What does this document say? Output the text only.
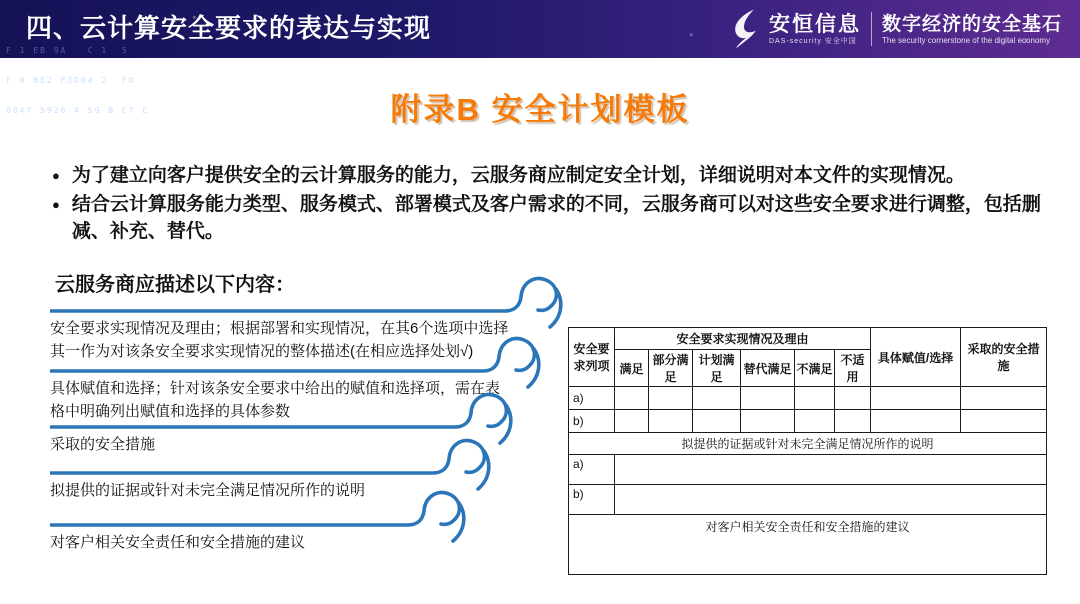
F 1 EB 9A   C 1  5

F 0 BE2 F3D04 2  FD

6047 5926 4 59 B C7 E

四、云计算安全要求的表达与实现	安恒信息
DAS-security 安全中国
数字经济的安全基石
The security cornerstone of the digital economy
附录B 安全计划模板
● 为了建立向客户提供安全的云计算服务的能力，云服务商应制定安全计划，详细说明对本文件的实现情况。
● 结合云计算服务能力类型、服务模式、部署模式及客户需求的不同，云服务商可以对这些安全要求进行调整，包括删减、补充、替代。
云服务商应描述以下内容：
安全要求实现情况及理由；根据部署和实现情况，在其6个选项中选择其一作为对该条安全要求实现情况的整体描述(在相应选择处划√)
具体赋值和选择；针对该条安全要求中给出的赋值和选择项，需在表格中明确列出赋值和选择的具体参数
采取的安全措施
拟提供的证据或针对未完全满足情况所作的说明
对客户相关安全责任和安全措施的建议
安全要求列项	安全要求实现情况及理由						具体赋值/选择	采取的安全措施
	满足	部分满足	计划满足	替代满足	不满足	不适用		
a)								
b)								
拟提供的证据或针对未完全满足情况所作的说明								
a)								
b)								
对客户相关安全责任和安全措施的建议								
